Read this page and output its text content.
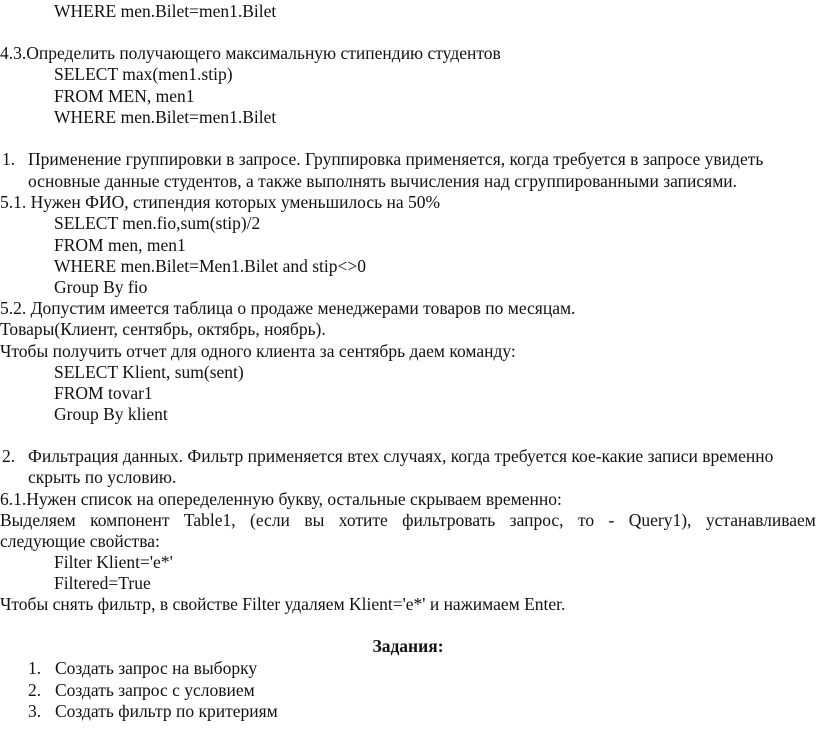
WHERE men.Bilet=men1.Bilet
4.3.Определить получающего максимальную стипендию студентов
SELECT max(men1.stip)
FROM MEN, men1
WHERE men.Bilet=men1.Bilet
1. Применение группировки в запросе. Группировка применяется, когда требуется в запросе увидеть
основные данные студентов, а также выполнять вычисления над сгруппированными записями.
5.1. Нужен ФИО, стипендия которых уменьшилось на 50%
SELECT men.fio,sum(stip)/2
FROM men, men1
WHERE men.Bilet=Men1.Bilet and stip<>0
Group By fio
5.2. Допустим имеется таблица о продаже менеджерами товаров по месяцам.
Товары(Клиент, сентябрь, октябрь, ноябрь).
Чтобы получить отчет для одного клиента за сентябрь даем команду:
SELECT Klient, sum(sent)
FROM tovar1
Group By klient
2. Фильтрация данных. Фильтр применяется втех случаях, когда требуется кое-какие записи временно
скрыть по условию.
6.1.Нужен список на опеределенную букву, остальные скрываем временно:
Выделяем компонент Table1, (если вы хотите фильтровать запрос, то - Query1), устанавливаем
следующие свойства:
Filter Klient='e*'
Filtered=True
Чтобы снять фильтр, в свойстве Filter удаляем Klient='e*' и нажимаем Enter.
Задания:
1. Создать запрос на выборку
2. Создать запрос с условием
3. Создать фильтр по критериям
